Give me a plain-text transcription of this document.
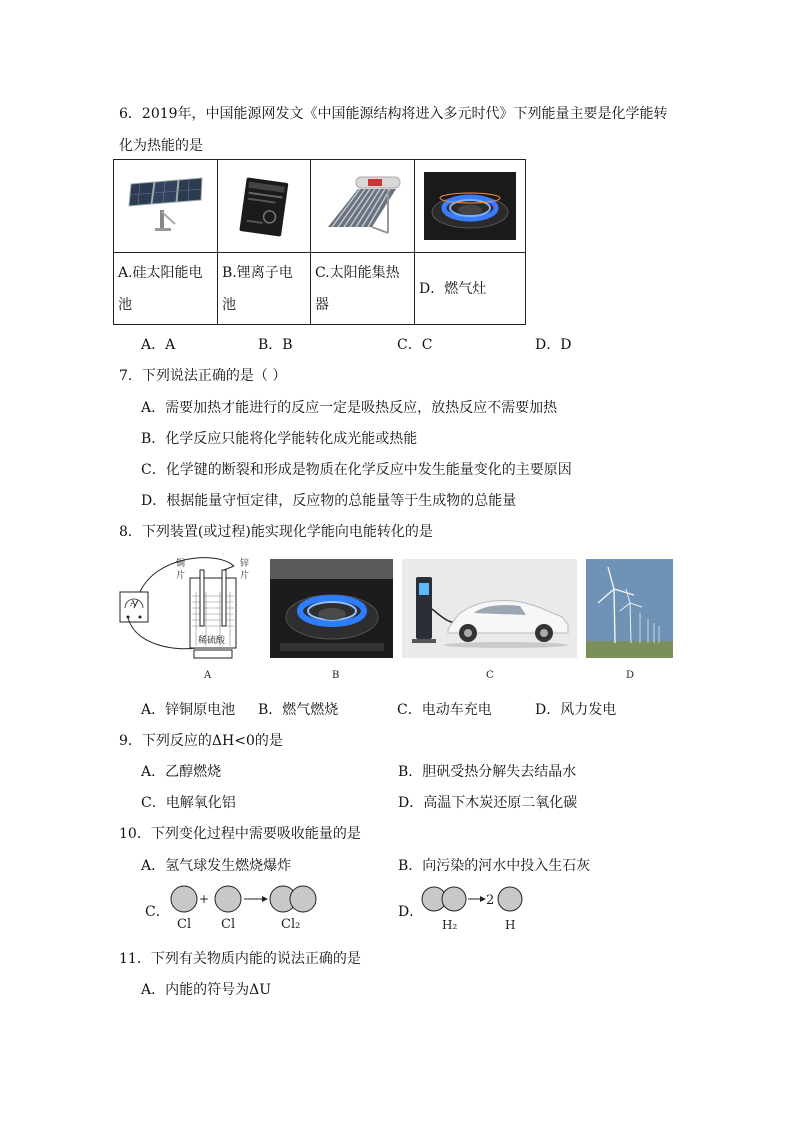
6．2019年，中国能源网发文《中国能源结构将进入多元时代》下列能量主要是化学能转
化为热能的是

A.硅太阳能电池	B.锂离子电池	C.太阳能集热器	D．燃气灶
A．A	B．B	C．C	D．D
7．下列说法正确的是（ ）
A．需要加热才能进行的反应一定是吸热反应，放热反应不需要加热
B．化学反应只能将化学能转化成光能或热能
C．化学键的断裂和形成是物质在化学反应中发生能量变化的主要原因
D．根据能量守恒定律，反应物的总能量等于生成物的总能量
8．下列装置(或过程)能实现化学能向电能转化的是
A
铜
片
锌
片
稀硫酸
A	B	C	D
A．锌铜原电池 B．燃气燃烧	C．电动车充电	D．风力发电
9．下列反应的ΔH<0的是
A．乙醇燃烧	B．胆矾受热分解失去结晶水
C．电解氧化铝	D．高温下木炭还原二氧化碳
10．下列变化过程中需要吸收能量的是
A．氢气球发生燃烧爆炸	B．向污染的河水中投入生石灰
C．
+
Cl Cl	Cl₂
D．
2
H₂	H
11．下列有关物质内能的说法正确的是
A．内能的符号为ΔU
